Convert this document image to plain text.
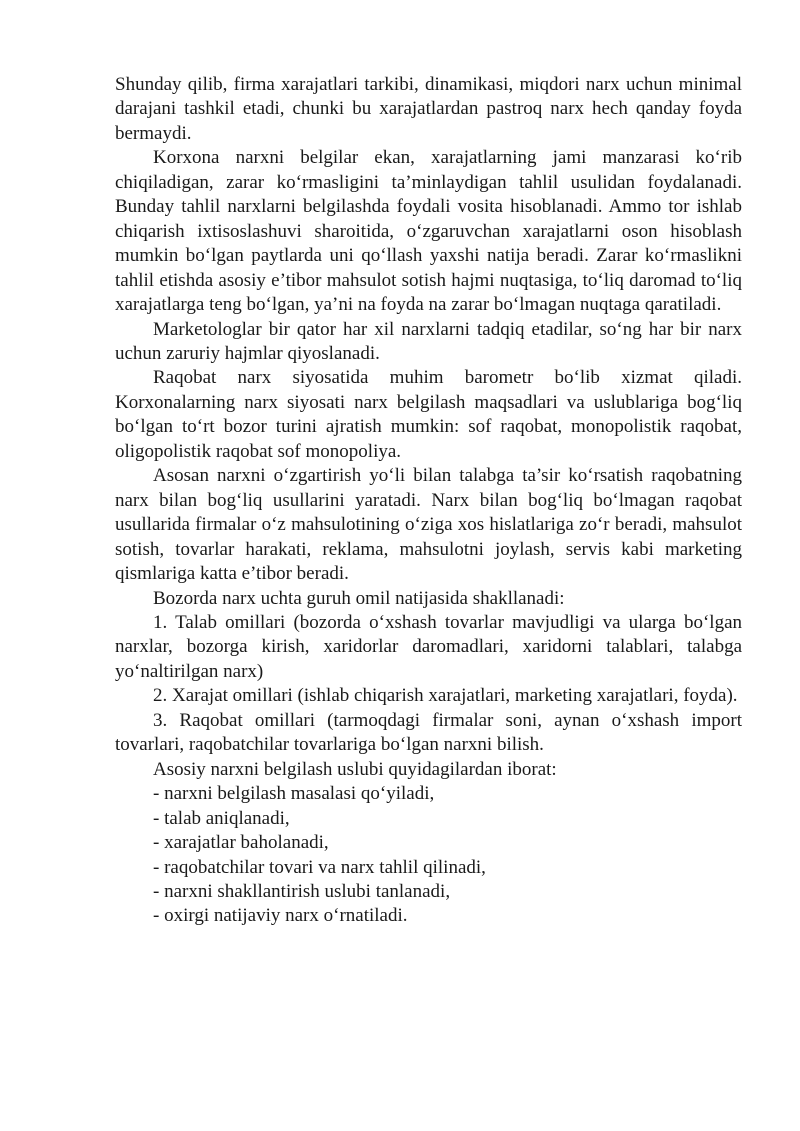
Shunday qilib, firma xarajatlari tarkibi, dinamikasi, miqdori narx uchun minimal darajani tashkil etadi, chunki bu xarajatlardan pastroq narx hech qanday foyda bermaydi.

Korxona narxni belgilar ekan, xarajatlarning jami manzarasi ko‘rib chiqiladigan, zarar ko‘rmasligini ta’minlaydigan tahlil usulidan foydalanadi. Bunday tahlil narxlarni belgilashda foydali vosita hisoblanadi. Ammo tor ishlab chiqarish ixtisoslashuvi sharoitida, o‘zgaruvchan xarajatlarni oson hisoblash mumkin bo‘lgan paytlarda uni qo‘llash yaxshi natija beradi. Zarar ko‘rmaslikni tahlil etishda asosiy e’tibor mahsulot sotish hajmi nuqtasiga, to‘liq daromad to‘liq xarajatlarga teng bo‘lgan, ya’ni na foyda na zarar bo‘lmagan nuqtaga qaratiladi.

Marketologlar bir qator har xil narxlarni tadqiq etadilar, so‘ng har bir narx uchun zaruriy hajmlar qiyoslanadi.

Raqobat narx siyosatida muhim barometr bo‘lib xizmat qiladi. Korxonalarning narx siyosati narx belgilash maqsadlari va uslublariga bog‘liq bo‘lgan to‘rt bozor turini ajratish mumkin: sof raqobat, monopolistik raqobat, oligopolistik raqobat sof monopoliya.

Asosan narxni o‘zgartirish yo‘li bilan talabga ta’sir ko‘rsatish raqobatning narx bilan bog‘liq usullarini yaratadi. Narx bilan bog‘liq bo‘lmagan raqobat usullarida firmalar o‘z mahsulotining o‘ziga xos hislatlariga zo‘r beradi, mahsulot sotish, tovarlar harakati, reklama, mahsulotni joylash, servis kabi marketing qismlariga katta e’tibor beradi.

Bozorda narx uchta guruh omil natijasida shakllanadi:

1. Talab omillari (bozorda o‘xshash tovarlar mavjudligi va ularga bo‘lgan narxlar, bozorga kirish, xaridorlar daromadlari, xaridorni talablari, talabga yo‘naltirilgan narx)

2. Xarajat omillari (ishlab chiqarish xarajatlari, marketing xarajatlari, foyda).

3. Raqobat omillari (tarmoqdagi firmalar soni, aynan o‘xshash import tovarlari, raqobatchilar tovarlariga bo‘lgan narxni bilish.

Asosiy narxni belgilash uslubi quyidagilardan iborat:

- narxni belgilash masalasi qo‘yiladi,

- talab aniqlanadi,

- xarajatlar baholanadi,

- raqobatchilar tovari va narx tahlil qilinadi,

- narxni shakllantirish uslubi tanlanadi,

- oxirgi natijaviy narx o‘rnatiladi.
